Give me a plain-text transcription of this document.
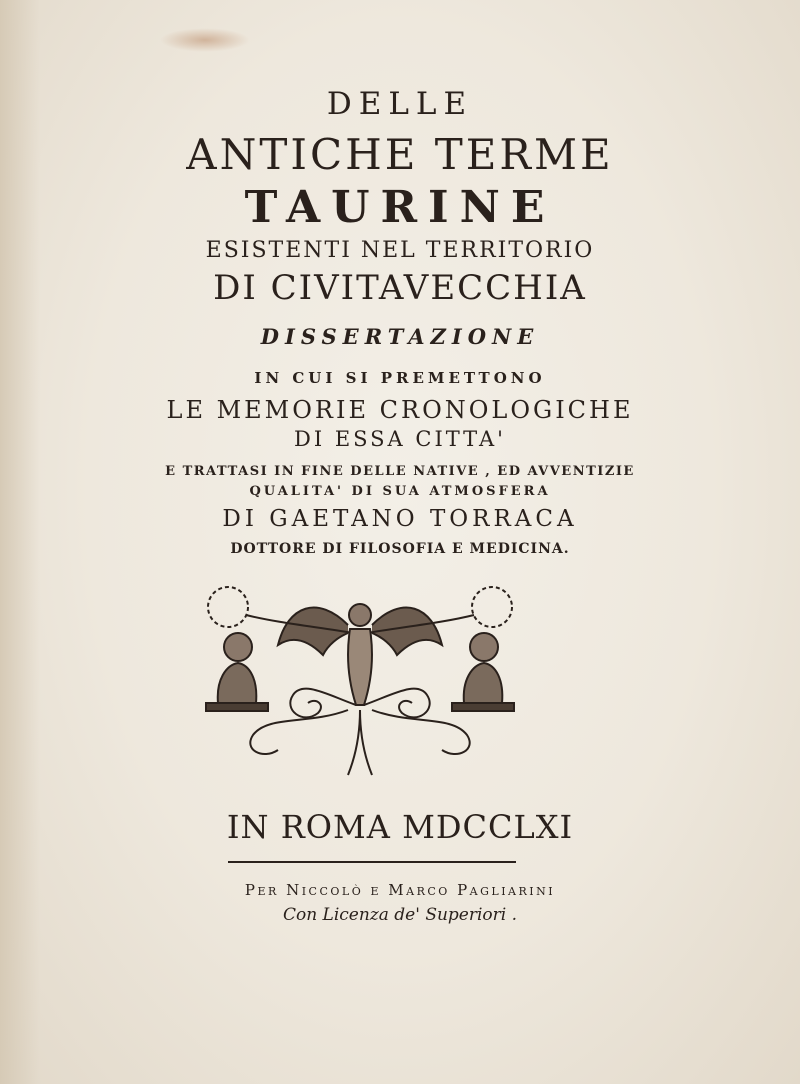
DELLE
ANTICHE TERME
TAURINE
ESISTENTI NEL TERRITORIO
DI CIVITAVECCHIA
DISSERTAZIONE
IN CUI SI PREMETTONO
LE MEMORIE CRONOLOGICHE
DI ESSA CITTA'
E TRATTASI IN FINE DELLE NATIVE , ED AVVENTIZIE
QUALITA' DI SUA ATMOSFERA
DI GAETANO TORRACA
DOTTORE DI FILOSOFIA E MEDICINA.
IN ROMA MDCCLXI
Per Niccolò e Marco Pagliarini
Con Licenza de' Superiori .
